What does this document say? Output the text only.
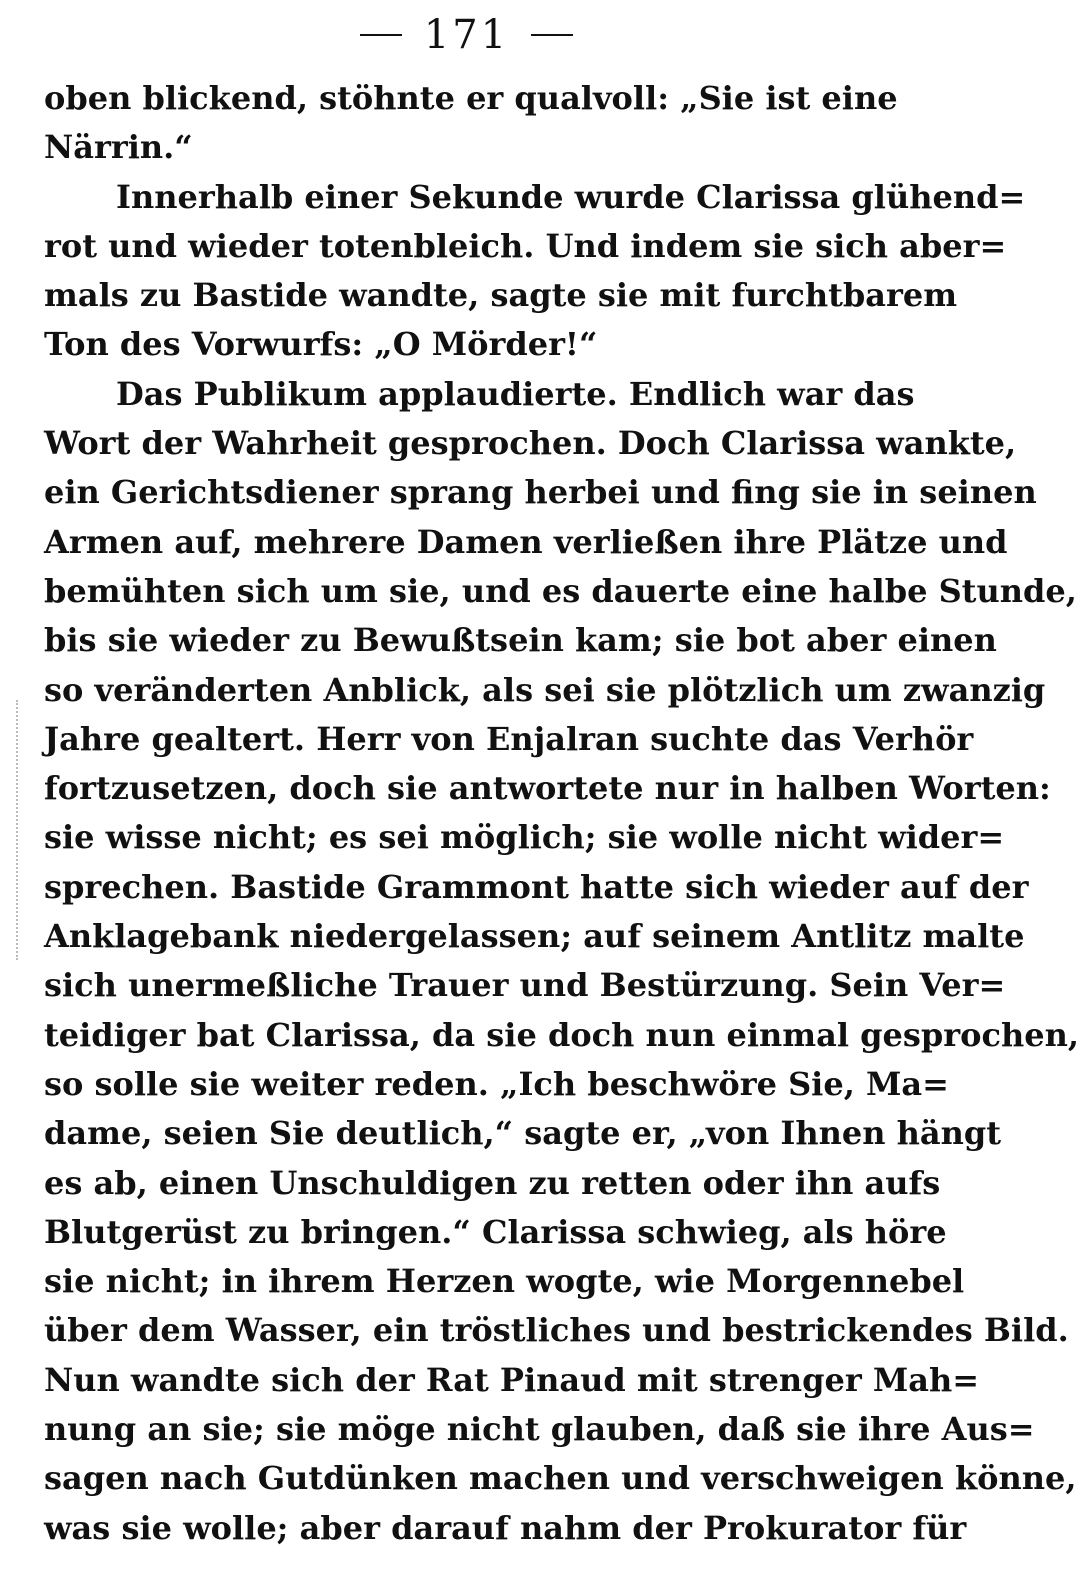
171
oben blickend, stöhnte er qualvoll: „Sie ist eine
Närrin.“
Innerhalb einer Sekunde wurde Clarissa glühend=
rot und wieder totenbleich. Und indem sie sich aber=
mals zu Bastide wandte, sagte sie mit furchtbarem
Ton des Vorwurfs: „O Mörder!“
Das Publikum applaudierte. Endlich war das
Wort der Wahrheit gesprochen. Doch Clarissa wankte,
ein Gerichtsdiener sprang herbei und fing sie in seinen
Armen auf, mehrere Damen verließen ihre Plätze und
bemühten sich um sie, und es dauerte eine halbe Stunde,
bis sie wieder zu Bewußtsein kam; sie bot aber einen
so veränderten Anblick, als sei sie plötzlich um zwanzig
Jahre gealtert. Herr von Enjalran suchte das Verhör
fortzusetzen, doch sie antwortete nur in halben Worten:
sie wisse nicht; es sei möglich; sie wolle nicht wider=
sprechen. Bastide Grammont hatte sich wieder auf der
Anklagebank niedergelassen; auf seinem Antlitz malte
sich unermeßliche Trauer und Bestürzung. Sein Ver=
teidiger bat Clarissa, da sie doch nun einmal gesprochen,
so solle sie weiter reden. „Ich beschwöre Sie, Ma=
dame, seien Sie deutlich,“ sagte er, „von Ihnen hängt
es ab, einen Unschuldigen zu retten oder ihn aufs
Blutgerüst zu bringen.“ Clarissa schwieg, als höre
sie nicht; in ihrem Herzen wogte, wie Morgennebel
über dem Wasser, ein tröstliches und bestrickendes Bild.
Nun wandte sich der Rat Pinaud mit strenger Mah=
nung an sie; sie möge nicht glauben, daß sie ihre Aus=
sagen nach Gutdünken machen und verschweigen könne,
was sie wolle; aber darauf nahm der Prokurator für
